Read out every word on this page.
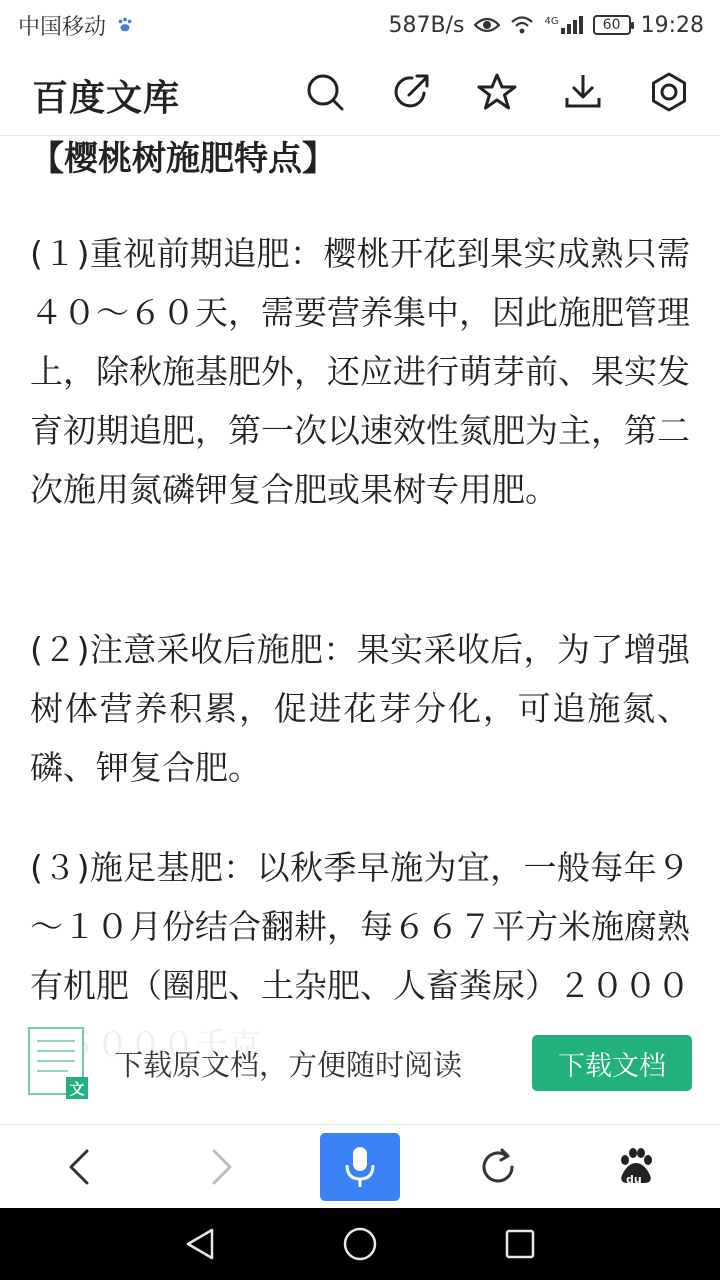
中国移动	587B/s	4G	60 19:28
百度文库
【樱桃树施肥特点】

(１)重视前期追肥：樱桃开花到果实成熟只需４０～６０天，需要营养集中，因此施肥管理上，除秋施基肥外，还应进行萌芽前、果实发育初期追肥，第一次以速效性氮肥为主，第二次施用氮磷钾复合肥或果树专用肥。

(２)注意采收后施肥：果实采收后，为了增强树体营养积累，促进花芽分化，可追施氮、磷、钾复合肥。

(３)施足基肥：以秋季早施为宜，一般每年９～１０月份结合翻耕，每６６７平方米施腐熟有机肥（圈肥、土杂肥、人畜粪尿）２０００

文
下载原文档，方便随时阅读	下载文档
du
